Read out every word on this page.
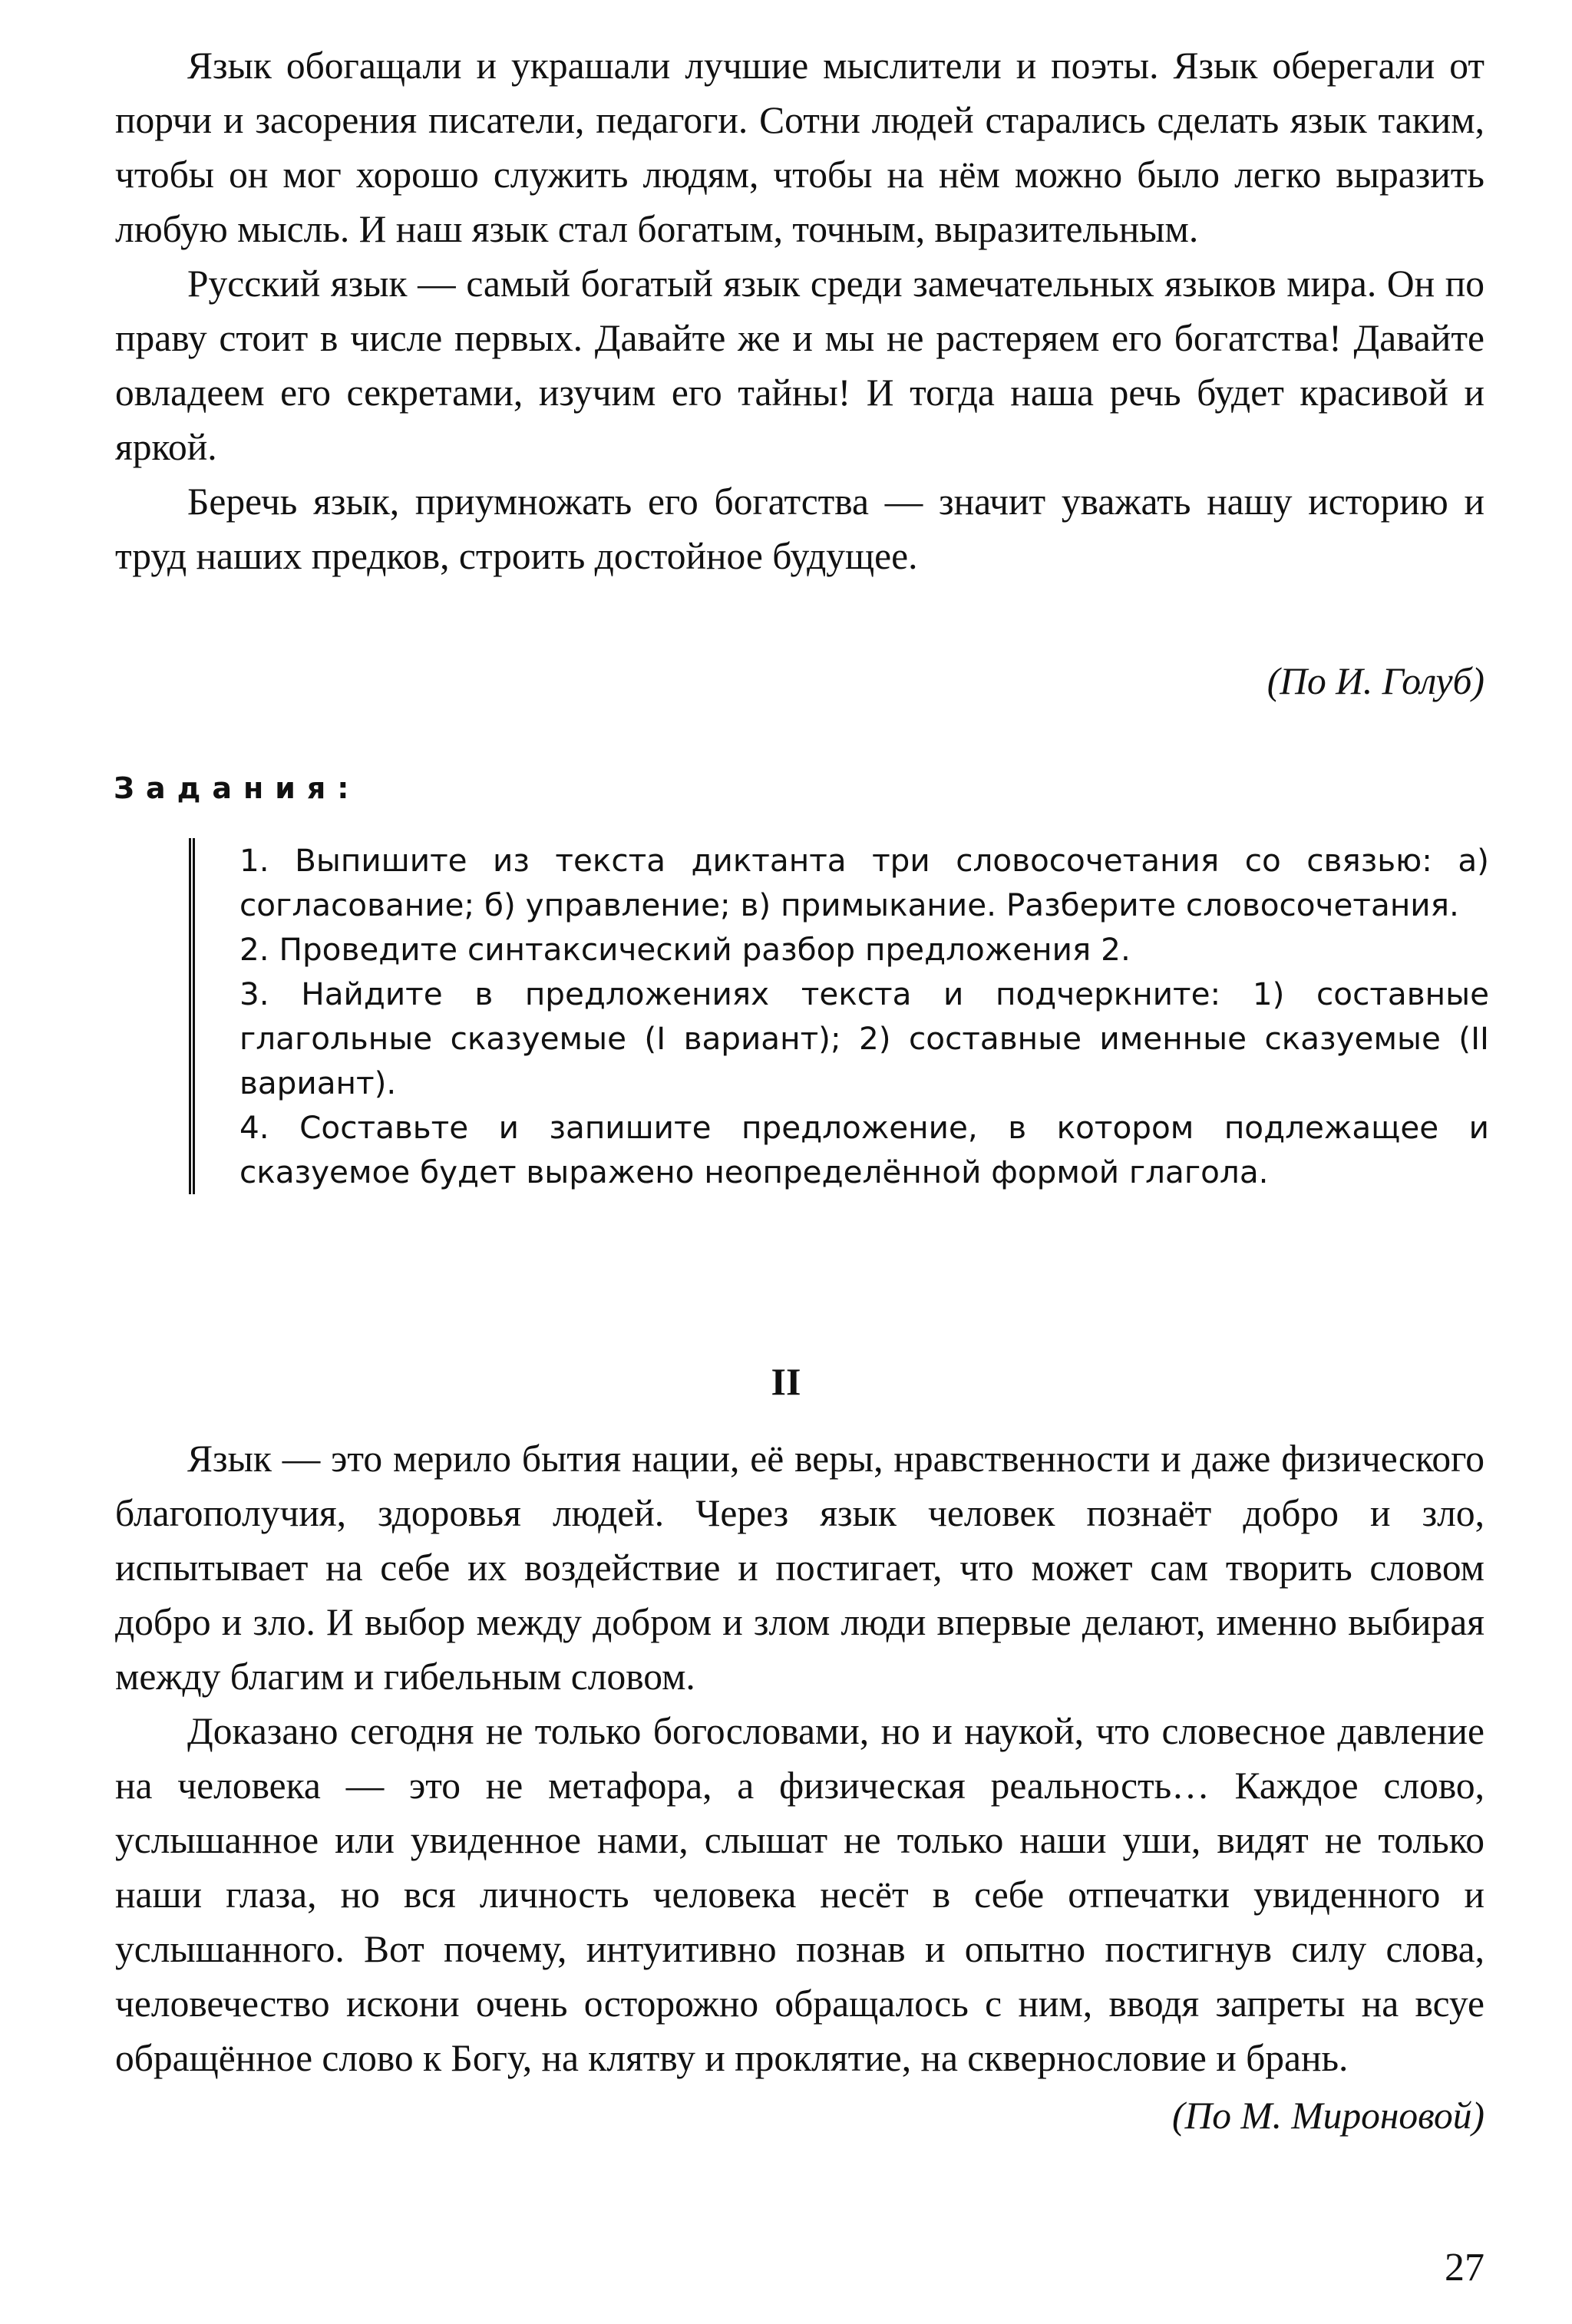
Язык обогащали и украшали лучшие мыслители и поэты. Язык оберегали от порчи и засорения писатели, педагоги. Сотни людей старались сделать язык таким, чтобы он мог хорошо служить людям, чтобы на нём можно было легко выразить любую мысль. И наш язык стал богатым, точным, выразительным.

Русский язык — самый богатый язык среди замечательных языков мира. Он по праву стоит в числе первых. Давайте же и мы не растеряем его богатства! Давайте овладеем его секретами, изучим его тайны! И тогда наша речь будет красивой и яркой.

Беречь язык, приумножать его богатства — значит уважать нашу историю и труд наших предков, строить достойное будущее.

(По И. Голуб)
Задания:
1. Выпишите из текста диктанта три словосочетания со связью: а) согласование; б) управление; в) примыкание. Разберите словосочетания.
2. Проведите синтаксический разбор предложения 2.
3. Найдите в предложениях текста и подчеркните: 1) составные глагольные сказуемые (I вариант); 2) составные именные сказуемые (II вариант).
4. Составьте и запишите предложение, в котором подлежащее и сказуемое будет выражено неопределённой формой глагола.
II

Язык — это мерило бытия нации, её веры, нравственности и даже физического благополучия, здоровья людей. Через язык человек познаёт добро и зло, испытывает на себе их воздействие и постигает, что может сам творить словом добро и зло. И выбор между добром и злом люди впервые делают, именно выбирая между благим и гибельным словом.

Доказано сегодня не только богословами, но и наукой, что словесное давление на человека — это не метафора, а физическая реальность… Каждое слово, услышанное или увиденное нами, слышат не только наши уши, видят не только наши глаза, но вся личность человека несёт в себе отпечатки увиденного и услышанного. Вот почему, интуитивно познав и опытно постигнув силу слова, человечество искони очень осторожно обращалось с ним, вводя запреты на всуе обращённое слово к Богу, на клятву и проклятие, на сквернословие и брань.

(По М. Мироновой)
27
